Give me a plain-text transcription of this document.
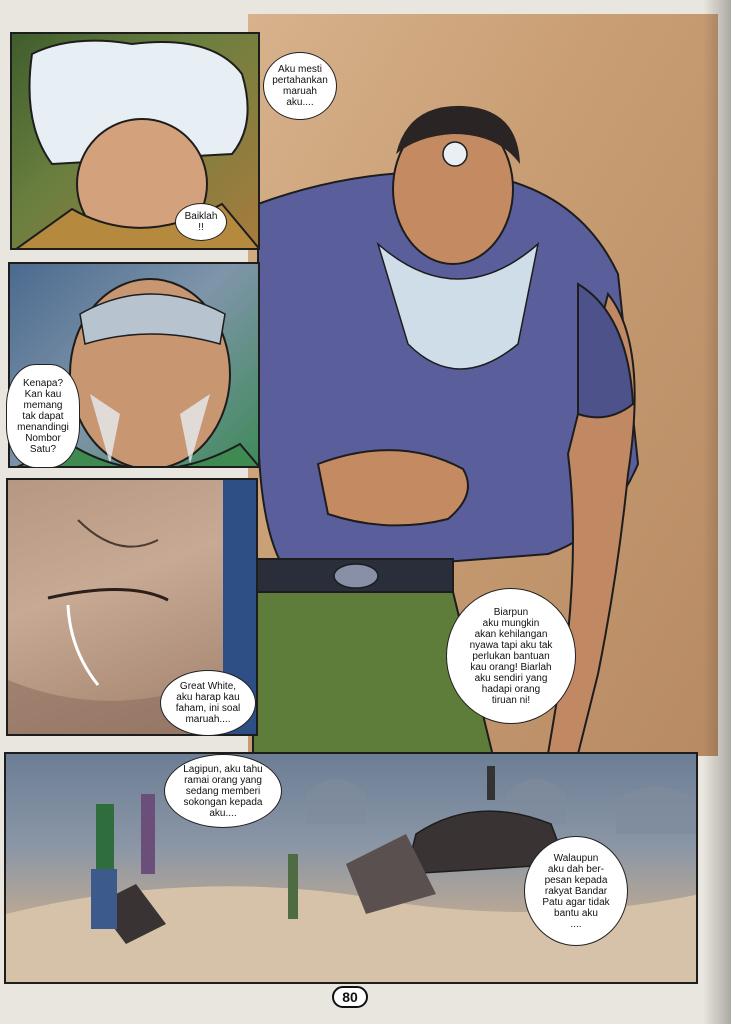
Aku mesti
pertahankan
maruah
aku....
Baiklah
!!
Kenapa?
Kan kau
memang
tak dapat
menandingi
Nombor
Satu?
Great White,
aku harap kau
faham, ini soal
maruah....
Biarpun
aku mungkin
akan kehilangan
nyawa tapi aku tak
perlukan bantuan
kau orang! Biarlah
aku sendiri yang
hadapi orang
tiruan ni!
Lagipun, aku tahu
ramai orang yang
sedang memberi
sokongan kepada
aku....
Walaupun
aku dah ber-
pesan kepada
rakyat Bandar
Patu agar tidak
bantu aku
....
80
